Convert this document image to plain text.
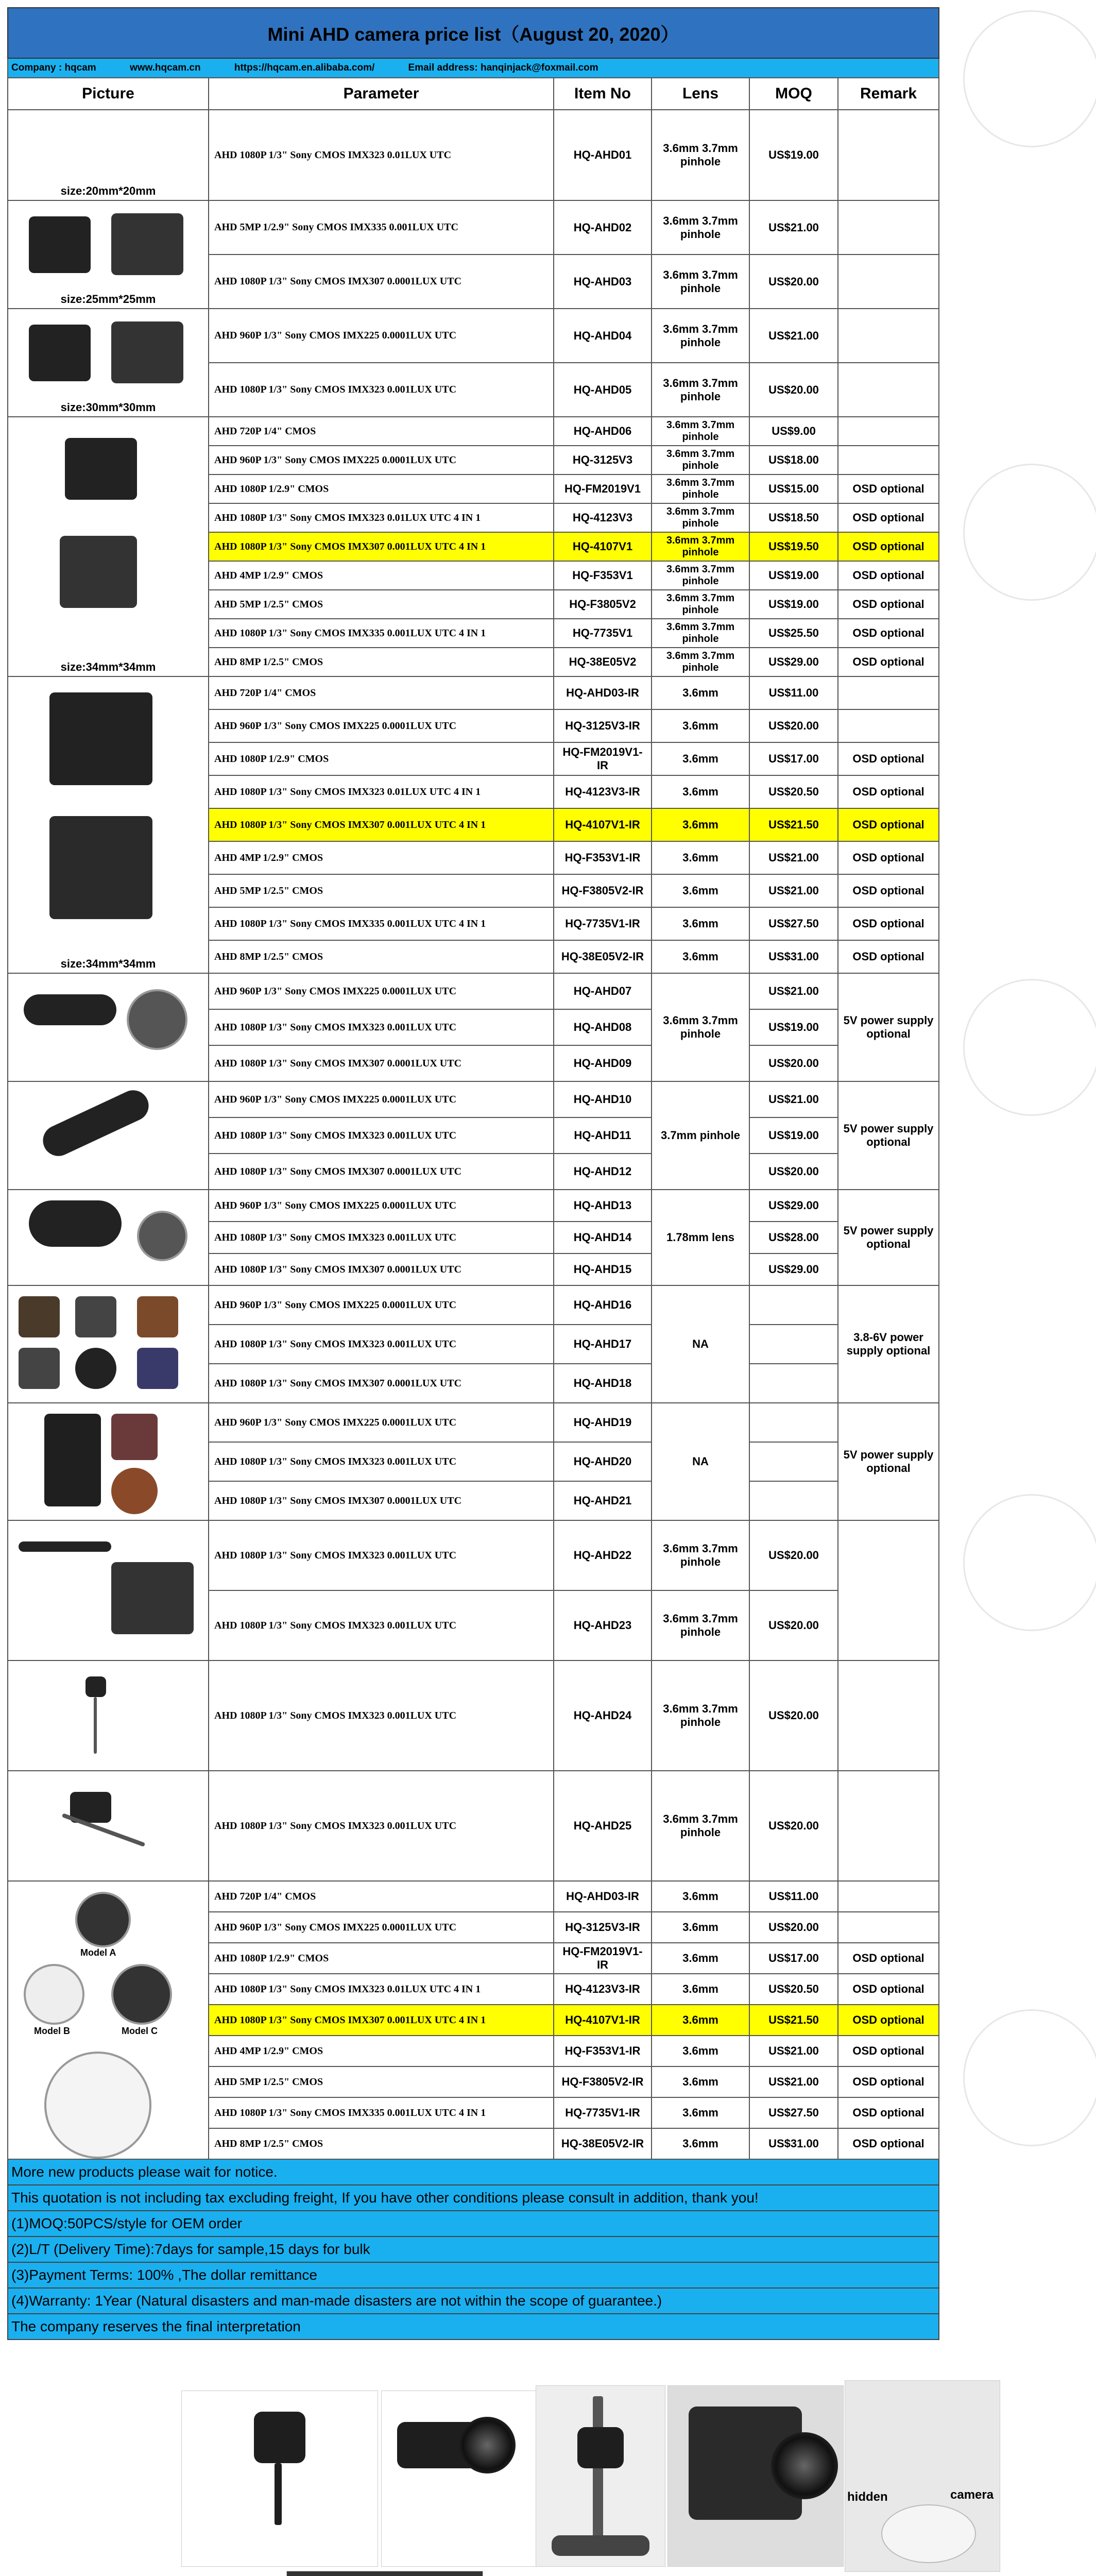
Mini AHD camera price list（August 20, 2020）					
Company : hqcam www.hqcam.cn https://hqcam.en.alibaba.com/ Email address: hanqinjack@foxmail.com					
Picture	Parameter	Item No	Lens	MOQ	Remark

size:20mm*20mm	AHD 1080P 1/3" Sony CMOS IMX323 0.01LUX UTC	HQ-AHD01	3.6mm 3.7mm pinhole	US$19.00	

size:25mm*25mm	AHD 5MP 1/2.9" Sony CMOS IMX335 0.001LUX UTC	HQ-AHD02	3.6mm 3.7mm pinhole	US$21.00	
	AHD 1080P 1/3" Sony CMOS IMX307 0.0001LUX UTC	HQ-AHD03	3.6mm 3.7mm pinhole	US$20.00	

size:30mm*30mm	AHD 960P 1/3" Sony CMOS IMX225 0.0001LUX UTC	HQ-AHD04	3.6mm 3.7mm pinhole	US$21.00	
	AHD 1080P 1/3" Sony CMOS IMX323 0.001LUX UTC	HQ-AHD05	3.6mm 3.7mm pinhole	US$20.00	

size:34mm*34mm	AHD 720P 1/4" CMOS	HQ-AHD06	3.6mm 3.7mm pinhole	US$9.00	
	AHD 960P 1/3" Sony CMOS IMX225 0.0001LUX UTC	HQ-3125V3	3.6mm 3.7mm pinhole	US$18.00	
	AHD 1080P 1/2.9" CMOS	HQ-FM2019V1	3.6mm 3.7mm pinhole	US$15.00	OSD optional
	AHD 1080P 1/3" Sony CMOS IMX323 0.01LUX UTC 4 IN 1	HQ-4123V3	3.6mm 3.7mm pinhole	US$18.50	OSD optional
	AHD 1080P 1/3" Sony CMOS IMX307 0.001LUX UTC 4 IN 1	HQ-4107V1	3.6mm 3.7mm pinhole	US$19.50	OSD optional
	AHD 4MP 1/2.9" CMOS	HQ-F353V1	3.6mm 3.7mm pinhole	US$19.00	OSD optional
	AHD 5MP 1/2.5" CMOS	HQ-F3805V2	3.6mm 3.7mm pinhole	US$19.00	OSD optional
	AHD 1080P 1/3" Sony CMOS IMX335 0.001LUX UTC 4 IN 1	HQ-7735V1	3.6mm 3.7mm pinhole	US$25.50	OSD optional
	AHD 8MP 1/2.5" CMOS	HQ-38E05V2	3.6mm 3.7mm pinhole	US$29.00	OSD optional

size:34mm*34mm	AHD 720P 1/4" CMOS	HQ-AHD03-IR	3.6mm	US$11.00	
	AHD 960P 1/3" Sony CMOS IMX225 0.0001LUX UTC	HQ-3125V3-IR	3.6mm	US$20.00	
	AHD 1080P 1/2.9" CMOS	HQ-FM2019V1-IR	3.6mm	US$17.00	OSD optional
	AHD 1080P 1/3" Sony CMOS IMX323 0.01LUX UTC 4 IN 1	HQ-4123V3-IR	3.6mm	US$20.50	OSD optional
	AHD 1080P 1/3" Sony CMOS IMX307 0.001LUX UTC 4 IN 1	HQ-4107V1-IR	3.6mm	US$21.50	OSD optional
	AHD 4MP 1/2.9" CMOS	HQ-F353V1-IR	3.6mm	US$21.00	OSD optional
	AHD 5MP 1/2.5" CMOS	HQ-F3805V2-IR	3.6mm	US$21.00	OSD optional
	AHD 1080P 1/3" Sony CMOS IMX335 0.001LUX UTC 4 IN 1	HQ-7735V1-IR	3.6mm	US$27.50	OSD optional
	AHD 8MP 1/2.5" CMOS	HQ-38E05V2-IR	3.6mm	US$31.00	OSD optional

	AHD 960P 1/3" Sony CMOS IMX225 0.0001LUX UTC	HQ-AHD07	3.6mm 3.7mm pinhole	US$21.00	5V power supply optional
	AHD 1080P 1/3" Sony CMOS IMX323 0.001LUX UTC	HQ-AHD08		US$19.00	
	AHD 1080P 1/3" Sony CMOS IMX307 0.0001LUX UTC	HQ-AHD09		US$20.00	

	AHD 960P 1/3" Sony CMOS IMX225 0.0001LUX UTC	HQ-AHD10	3.7mm pinhole	US$21.00	5V power supply optional
	AHD 1080P 1/3" Sony CMOS IMX323 0.001LUX UTC	HQ-AHD11		US$19.00	
	AHD 1080P 1/3" Sony CMOS IMX307 0.0001LUX UTC	HQ-AHD12		US$20.00	

	AHD 960P 1/3" Sony CMOS IMX225 0.0001LUX UTC	HQ-AHD13	1.78mm lens	US$29.00	5V power supply optional
	AHD 1080P 1/3" Sony CMOS IMX323 0.001LUX UTC	HQ-AHD14		US$28.00	
	AHD 1080P 1/3" Sony CMOS IMX307 0.0001LUX UTC	HQ-AHD15		US$29.00	

	AHD 960P 1/3" Sony CMOS IMX225 0.0001LUX UTC	HQ-AHD16	NA		3.8-6V power supply optional
	AHD 1080P 1/3" Sony CMOS IMX323 0.001LUX UTC	HQ-AHD17			
	AHD 1080P 1/3" Sony CMOS IMX307 0.0001LUX UTC	HQ-AHD18			

	AHD 960P 1/3" Sony CMOS IMX225 0.0001LUX UTC	HQ-AHD19	NA		5V power supply optional
	AHD 1080P 1/3" Sony CMOS IMX323 0.001LUX UTC	HQ-AHD20			
	AHD 1080P 1/3" Sony CMOS IMX307 0.0001LUX UTC	HQ-AHD21			

	AHD 1080P 1/3" Sony CMOS IMX323 0.001LUX UTC	HQ-AHD22	3.6mm 3.7mm pinhole	US$20.00	
	AHD 1080P 1/3" Sony CMOS IMX323 0.001LUX UTC	HQ-AHD23	3.6mm 3.7mm pinhole	US$20.00	

	AHD 1080P 1/3" Sony CMOS IMX323 0.001LUX UTC	HQ-AHD24	3.6mm 3.7mm pinhole	US$20.00	

	AHD 1080P 1/3" Sony CMOS IMX323 0.001LUX UTC	HQ-AHD25	3.6mm 3.7mm pinhole	US$20.00	

Model A
Model B Model C	AHD 720P 1/4" CMOS	HQ-AHD03-IR	3.6mm	US$11.00	
	AHD 960P 1/3" Sony CMOS IMX225 0.0001LUX UTC	HQ-3125V3-IR	3.6mm	US$20.00	
	AHD 1080P 1/2.9" CMOS	HQ-FM2019V1-IR	3.6mm	US$17.00	OSD optional
	AHD 1080P 1/3" Sony CMOS IMX323 0.01LUX UTC 4 IN 1	HQ-4123V3-IR	3.6mm	US$20.50	OSD optional
	AHD 1080P 1/3" Sony CMOS IMX307 0.001LUX UTC 4 IN 1	HQ-4107V1-IR	3.6mm	US$21.50	OSD optional
	AHD 4MP 1/2.9" CMOS	HQ-F353V1-IR	3.6mm	US$21.00	OSD optional
	AHD 5MP 1/2.5" CMOS	HQ-F3805V2-IR	3.6mm	US$21.00	OSD optional
	AHD 1080P 1/3" Sony CMOS IMX335 0.001LUX UTC 4 IN 1	HQ-7735V1-IR	3.6mm	US$27.50	OSD optional
	AHD 8MP 1/2.5" CMOS	HQ-38E05V2-IR	3.6mm	US$31.00	OSD optional
More new products please wait for notice.					
This quotation is not including tax excluding freight, If you have other conditions please consult in addition, thank you!					
(1)MOQ:50PCS/style for OEM order					
(2)L/T (Delivery Time):7days for sample,15 days for bulk					
(3)Payment Terms: 100% ,The dollar remittance					
(4)Warranty: 1Year (Natural disasters and man-made disasters are not within the scope of guarantee.)					
The company reserves the final interpretation					
hidden	camera
